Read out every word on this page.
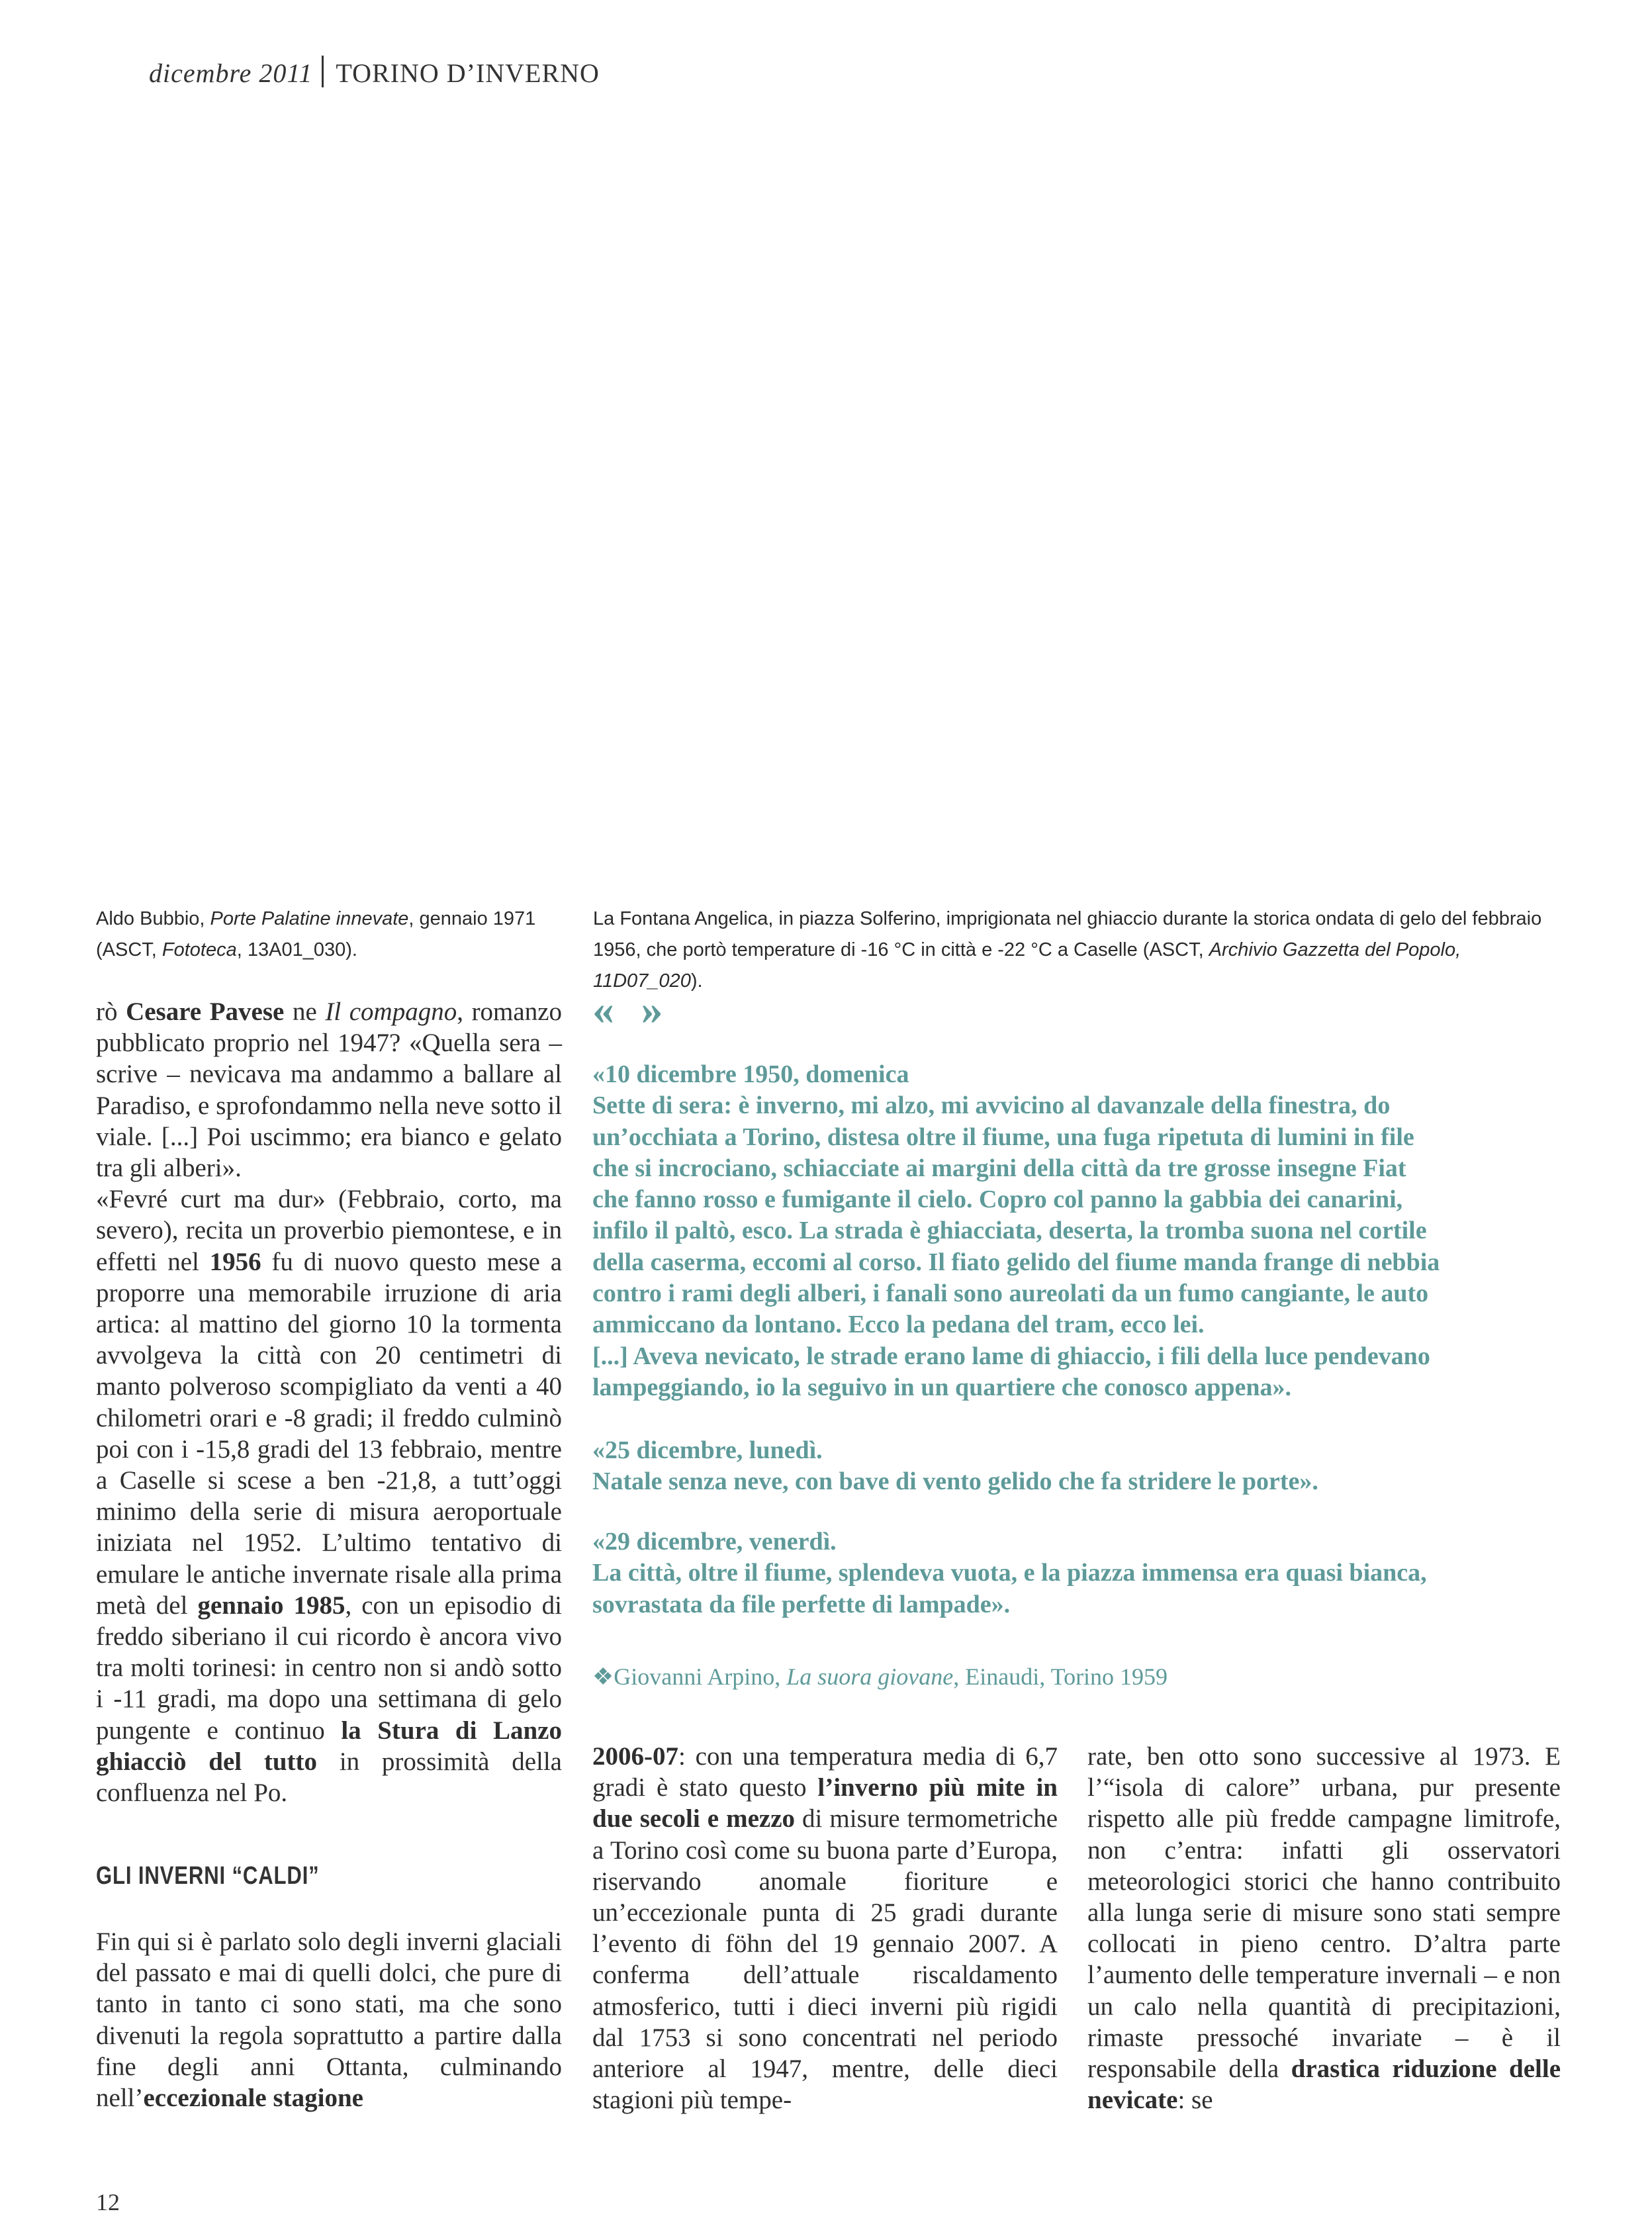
dicembre 2011 TORINO D’INVERNO
Aldo Bubbio, Porte Palatine innevate, gennaio 1971 (ASCT, Fototeca, 13A01_030).
La Fontana Angelica, in piazza Solferino, imprigionata nel ghiaccio durante la storica ondata di gelo del febbraio 1956, che portò temperature di -16 °C in città e -22 °C a Caselle (ASCT, Archivio Gazzetta del Popolo, 11D07_020).

rò Cesare Pavese ne Il compagno, romanzo pubblicato proprio nel 1947? «Quella sera – scrive – nevicava ma andammo a ballare al Paradiso, e sprofondammo nella neve sotto il viale. [...] Poi uscimmo; era bianco e gelato tra gli alberi».

«Fevré curt ma dur» (Febbraio, corto, ma severo), recita un proverbio piemontese, e in effetti nel 1956 fu di nuovo questo mese a proporre una memorabile irruzione di aria artica: al mattino del giorno 10 la tormenta avvolgeva la città con 20 centimetri di manto polveroso scompigliato da venti a 40 chilometri orari e -8 gradi; il freddo culminò poi con i -15,8 gradi del 13 febbraio, mentre a Caselle si scese a ben -21,8, a tutt’oggi minimo della serie di misura aeroportuale iniziata nel 1952. L’ultimo tentativo di emulare le antiche invernate risale alla prima metà del gennaio 1985, con un episodio di freddo siberiano il cui ricordo è ancora vivo tra molti torinesi: in centro non si andò sotto i -11 gradi, ma dopo una settimana di gelo pungente e continuo la Stura di Lanzo ghiacciò del tutto in prossimità della confluenza nel Po.

GLI INVERNI “CALDI”

Fin qui si è parlato solo degli inverni glaciali del passato e mai di quelli dolci, che pure di tanto in tanto ci sono stati, ma che sono divenuti la regola soprattutto a partire dalla fine degli anni Ottanta, culminando nell’eccezionale stagione

« »
«10 dicembre 1950, domenica
Sette di sera: è inverno, mi alzo, mi avvicino al davanzale della finestra, do
un’occhiata a Torino, distesa oltre il fiume, una fuga ripetuta di lumini in file
che si incrociano, schiacciate ai margini della città da tre grosse insegne Fiat
che fanno rosso e fumigante il cielo. Copro col panno la gabbia dei canarini,
infilo il paltò, esco. La strada è ghiacciata, deserta, la tromba suona nel cortile
della caserma, eccomi al corso. Il fiato gelido del fiume manda frange di nebbia
contro i rami degli alberi, i fanali sono aureolati da un fumo cangiante, le auto
ammiccano da lontano. Ecco la pedana del tram, ecco lei.
[...] Aveva nevicato, le strade erano lame di ghiaccio, i fili della luce pendevano
lampeggiando, io la seguivo in un quartiere che conosco appena».
«25 dicembre, lunedì.
Natale senza neve, con bave di vento gelido che fa stridere le porte».
«29 dicembre, venerdì.
La città, oltre il fiume, splendeva vuota, e la piazza immensa era quasi bianca,
sovrastata da file perfette di lampade».
❖Giovanni Arpino, La suora giovane, Einaudi, Torino 1959

2006-07: con una temperatura media di 6,7 gradi è stato questo l’inverno più mite in due secoli e mezzo di misure termometriche a Torino così come su buona parte d’Europa, riservando anomale fioriture e un’eccezionale punta di 25 gradi durante l’evento di föhn del 19 gennaio 2007. A conferma dell’attuale riscaldamento atmosferico, tutti i dieci inverni più rigidi dal 1753 si sono concentrati nel periodo anteriore al 1947, mentre, delle dieci stagioni più tempe-

rate, ben otto sono successive al 1973. E l’“isola di calore” urbana, pur presente rispetto alle più fredde campagne limitrofe, non c’entra: infatti gli osservatori meteorologici storici che hanno contribuito alla lunga serie di misure sono stati sempre collocati in pieno centro. D’altra parte l’aumento delle temperature invernali – e non un calo nella quantità di precipitazioni, rimaste pressoché invariate – è il responsabile della drastica riduzione delle nevicate: se

12
